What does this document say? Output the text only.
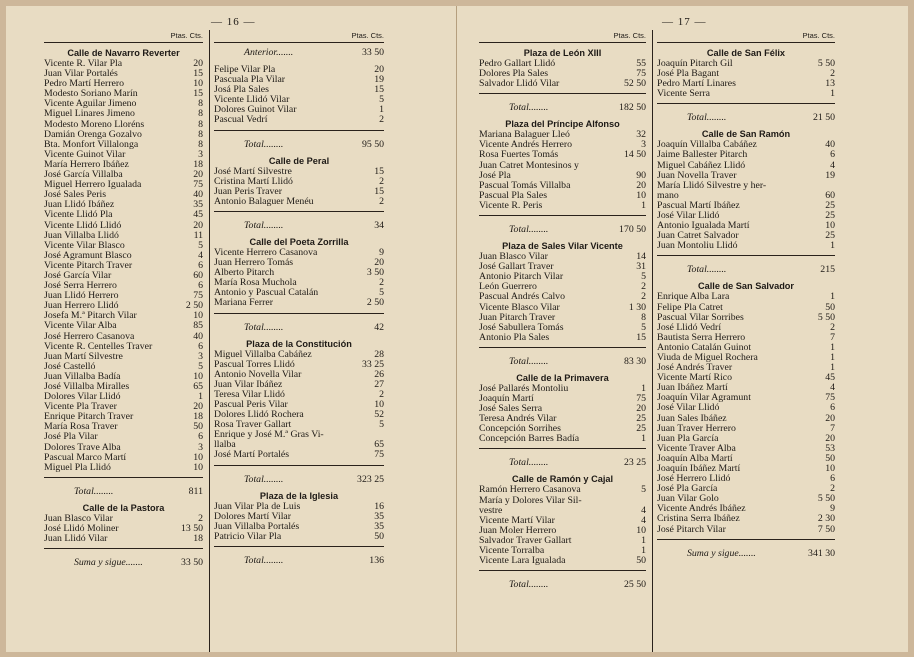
— 16 —
Ptas. Cts.
Calle de Navarro Reverter
Vicente R. Vilar Pla	20
Juan Vilar Portalés	15
Pedro Martí Herrero	10
Modesto Soriano Marín	15
Vicente Aguilar Jimeno	8
Miguel Linares Jimeno	8
Modesto Moreno Lloréns	8
Damián Orenga Gozalvo	8
Bta. Monfort Villalonga	8
Vicente Guinot Vilar	3
María Herrero Ibáñez	18
José García Villalba	20
Miguel Herrero Igualada	75
José Sales Peris	40
Juan Llidó Ibáñez	35
Vicente Llidó Pla	45
Vicente Llidó Llidó	20
Juan Villalba Llidó	11
Vicente Vilar Blasco	5
José Agramunt Blasco	4
Vicente Pitarch Traver	6
José García Vilar	60
José Serra Herrero	6
Juan Llidó Herrero	75
Juan Herrero Llidó	2 50
Josefa M.ª Pitarch Vilar	10
Vicente Vilar Alba	85
José Herrero Casanova	40
Vicente R. Centelles Traver	6
Juan Martí Silvestre	3
José Castelló	5
Juan Villalba Badía	10
José Villalba Miralles	65
Dolores Vilar Llidó	1
Vicente Pla Traver	20
Enrique Pitarch Traver	18
María Rosa Traver	50
José Pla Vilar	6
Dolores Trave Alba	3
Pascual Marco Martí	10
Miguel Pla Llidó	10
Total........	811
Calle de la Pastora
Juan Blasco Vilar	2
José Llidó Moliner	13 50
Juan Llidó Vilar	18
Suma y sigue.......	33 50
Ptas. Cts.
Anterior.......	33 50
Felipe Vilar Pla	20
Pascuala Pla Vilar	19
Josá Pla Sales	15
Vicente Llidó Vilar	5
Dolores Guinot Vilar	1
Pascual Vedrí	2
Total........	95 50
Calle de Peral
José Martí Silvestre	15
Cristina Martí Llidó	2
Juan Peris Traver	15
Antonio Balaguer Menéu	2
Total........	34
Calle del Poeta Zorrilla
Vicente Herrero Casanova	9
Juan Herrero Tomás	20
Alberto Pitarch	3 50
María Rosa Muchola	2
Antonio y Pascual Catalán	5
Mariana Ferrer	2 50
Total........	42
Plaza de la Constitución
Miguel Villalba Cabáñez	28
Pascual Torres Llidó	33 25
Antonio Novella Vilar	26
Juan Vilar Ibáñez	27
Teresa Vilar Llidó	2
Pascual Peris Vilar	10
Dolores Llidó Rochera	52
Rosa Traver Gallart	5
Enrique y José M.ª Gras Vi-
llalba	65
José Martí Portalés	75
Total........	323 25
Plaza de la Iglesia
Juan Vilar Pla de Luis	16
Dolores Martí Vilar	35
Juan Villalba Portalés	35
Patricio Vilar Pla	50
Total........	136
— 17 —
Ptas. Cts.
Plaza de León XIII
Pedro Gallart Llidó	55
Dolores Pla Sales	75
Salvador Llidó Vilar	52 50
Total........	182 50
Plaza del Príncipe Alfonso
Mariana Balaguer Lleó	32
Vicente Andrés Herrero	3
Rosa Fuertes Tomás	14 50
Juan Catret Montesinos y
José Pla	90
Pascual Tomás Villalba	20
Pascual Pla Sales	10
Vicente R. Peris	1
Total........	170 50
Plaza de Sales Vilar Vicente
Juan Blasco Vilar	14
José Gallart Traver	31
Antonio Pitarch Vilar	5
León Guerrero	2
Pascual Andrés Calvo	2
Vicente Blasco Vilar	1 30
Juan Pitarch Traver	8
José Sabullera Tomás	5
Antonio Pla Sales	15
Total........	83 30
Calle de la Primavera
José Pallarés Montoliu	1
Joaquín Martí	75
José Sales Serra	20
Teresa Andrés Vilar	25
Concepción Sorrihes	25
Concepción Barres Badía	1
Total........	23 25
Calle de Ramón y Cajal
Ramón Herrero Casanova	5
María y Dolores Vilar Sil-
vestre	4
Vicente Martí Vilar	4
Juan Moler Herrero	10
Salvador Traver Gallart	1
Vicente Torralba	1
Vicente Lara Igualada	50
Total........	25 50
Ptas. Cts.
Calle de San Félix
Joaquín Pitarch Gil	5 50
José Pla Bagant	2
Pedro Martí Linares	13
Vicente Serra	1
Total........	21 50
Calle de San Ramón
Joaquín Villalba Cabáñez	40
Jaime Ballester Pitarch	6
Miguel Cabáñez Llidó	4
Juan Novella Traver	19
María Llidó Silvestre y her-
mano	60
Pascual Martí Ibáñez	25
José Vilar Llidó	25
Antonio Igualada Martí	10
Juan Catret Salvador	25
Juan Montoliu Llidó	1
Total........	215
Calle de San Salvador
Enrique Alba Lara	1
Felipe Pla Catret	50
Pascual Vilar Sorribes	5 50
José Llidó Vedrí	2
Bautista Serra Herrero	7
Antonio Catalán Guinot	1
Viuda de Miguel Rochera	1
José Andrés Traver	1
Vicente Martí Rico	45
Juan Ibáñez Martí	4
Joaquín Vilar Agramunt	75
José Vilar Llidó	6
Juan Sales Ibáñez	20
Juan Traver Herrero	7
Juan Pla García	20
Vicente Traver Alba	53
Joaquín Alba Martí	50
Joaquín Ibáñez Martí	10
José Herrero Llidó	6
José Pla García	2
Juan Vilar Golo	5 50
Vicente Andrés Ibáñez	9
Cristina Serra Ibáñez	2 30
José Pitarch Vilar	7 50
Suma y sigue.......	341 30
